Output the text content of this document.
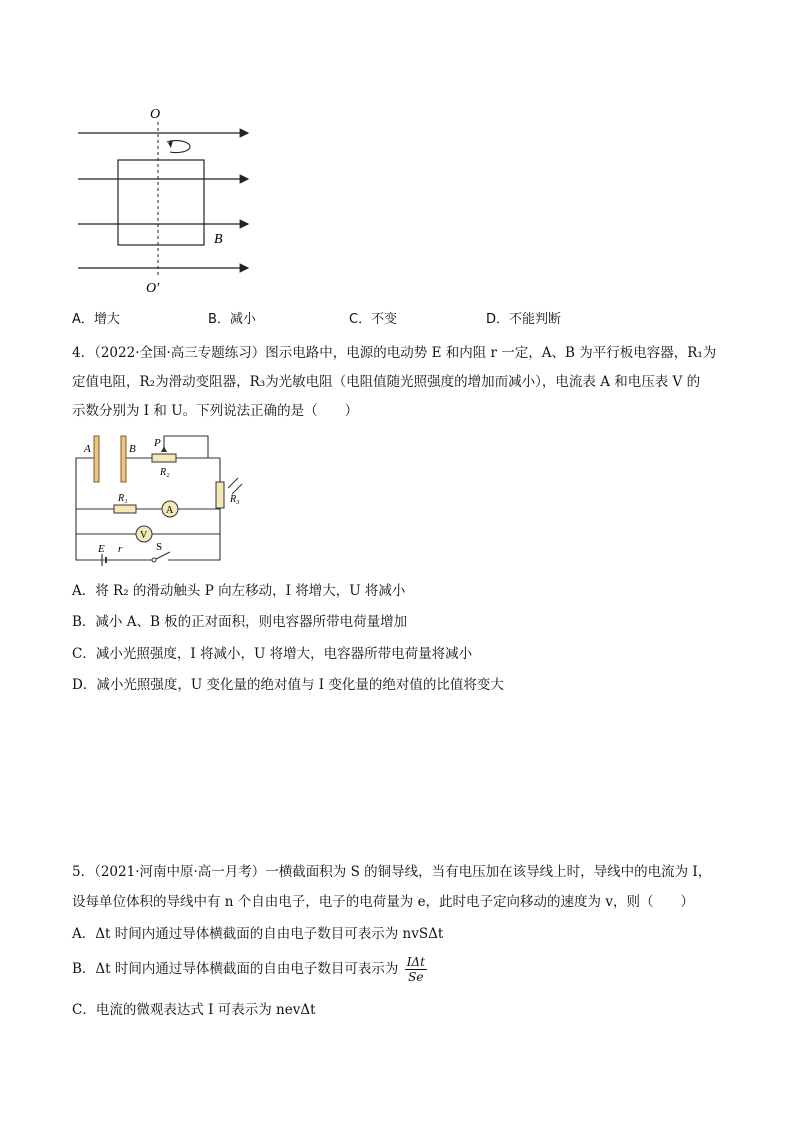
O
O′
B
A．增大	B．减小	C．不变	D．不能判断
4．（2022·全国·高三专题练习）图示电路中，电源的电动势 E 和内阻 r 一定，A、B 为平行板电容器，R₁为
定值电阻，R₂为滑动变阻器，R₃为光敏电阻（电阻值随光照强度的增加而减小），电流表 A 和电压表 V 的
示数分别为 I 和 U。下列说法正确的是（　　）
A	B P
R₂
R₃
R₁
A
V
E r	S
A．将 R₂ 的滑动触头 P 向左移动，I 将增大，U 将减小
B．减小 A、B 板的正对面积，则电容器所带电荷量增加
C．减小光照强度，I 将减小，U 将增大，电容器所带电荷量将减小
D．减小光照强度，U 变化量的绝对值与 I 变化量的绝对值的比值将变大
5．（2021·河南中原·高一月考）一横截面积为 S 的铜导线，当有电压加在该导线上时，导线中的电流为 I，
设每单位体积的导线中有 n 个自由电子，电子的电荷量为 e，此时电子定向移动的速度为 v，则（　　）
A．Δt 时间内通过导体横截面的自由电子数目可表示为 nvSΔt
B．Δt 时间内通过导体横截面的自由电子数目可表示为 $\frac{\text{IΔt}}{Se}$
C．电流的微观表达式 I 可表示为 nevΔt
